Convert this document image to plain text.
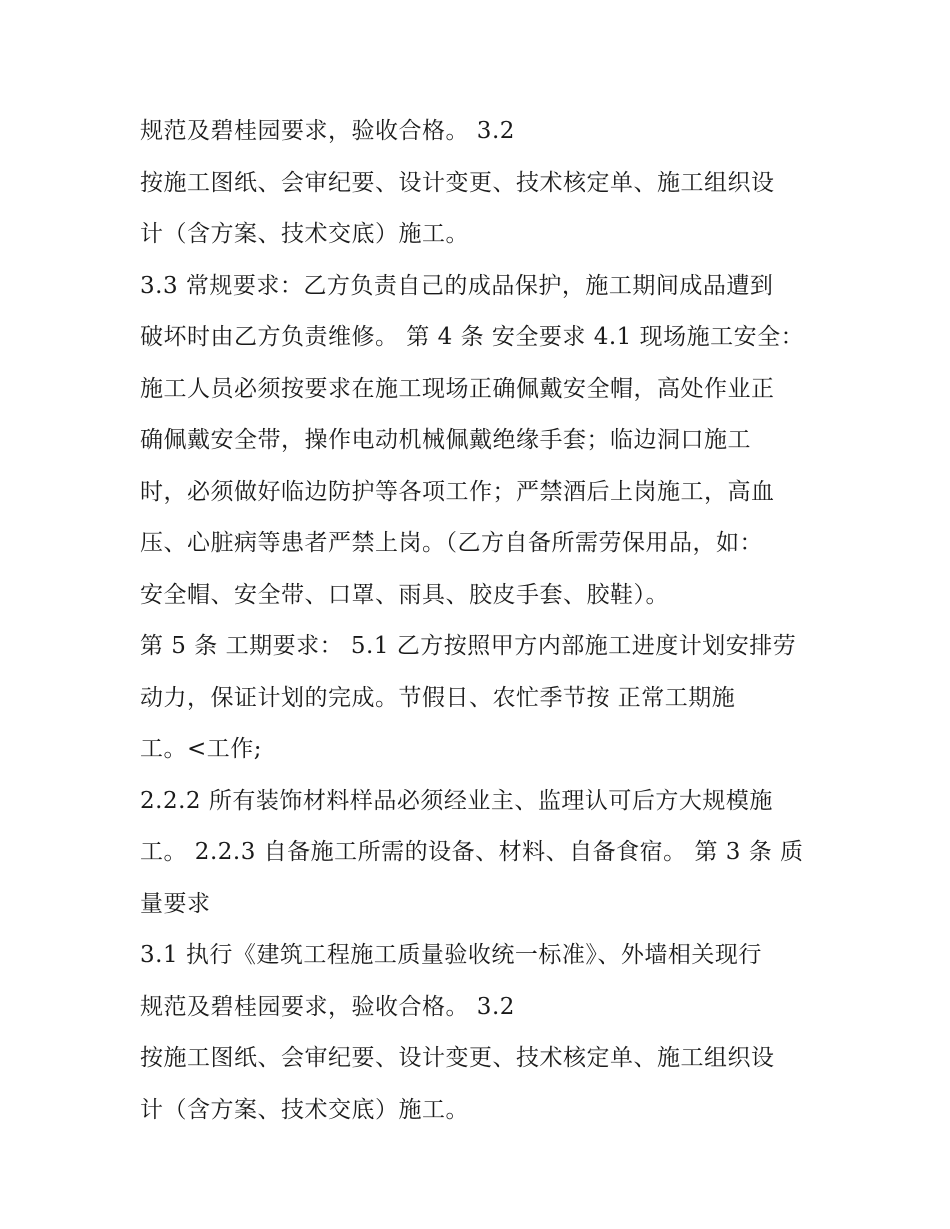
规范及碧桂园要求，验收合格。 3.2
按施工图纸、会审纪要、设计变更、技术核定单、施工组织设
计（含方案、技术交底）施工。
3.3 常规要求：乙方负责自己的成品保护，施工期间成品遭到
破坏时由乙方负责维修。 第 4 条 安全要求 4.1 现场施工安全：
施工人员必须按要求在施工现场正确佩戴安全帽，高处作业正
确佩戴安全带，操作电动机械佩戴绝缘手套；临边洞口施工
时，必须做好临边防护等各项工作；严禁酒后上岗施工，高血
压、心脏病等患者严禁上岗。（乙方自备所需劳保用品，如：
安全帽、安全带、口罩、雨具、胶皮手套、胶鞋）。
第 5 条 工期要求： 5.1 乙方按照甲方内部施工进度计划安排劳
动力，保证计划的完成。节假日、农忙季节按 正常工期施
工。<工作;
2.2.2 所有装饰材料样品必须经业主、监理认可后方大规模施
工。 2.2.3 自备施工所需的设备、材料、自备食宿。 第 3 条 质
量要求
3.1 执行《建筑工程施工质量验收统一标准》、外墙相关现行
规范及碧桂园要求，验收合格。 3.2
按施工图纸、会审纪要、设计变更、技术核定单、施工组织设
计（含方案、技术交底）施工。
